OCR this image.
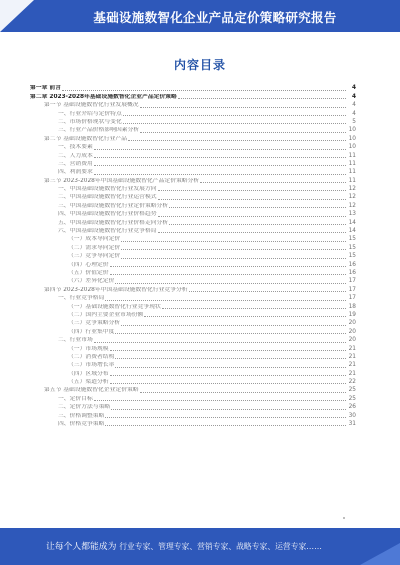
基础设施数智化企业产品定价策略研究报告
内容目录
第一章 前言	4
第二章 2023-2028年基础设施数智化企业产品定价策略	4
第一节 基础设施数智化行业发展概况	4
一、行业介绍与定价特点	4
二、市场价格现状与变化	5
三、行业产品价格影响因素分析	10
第二节 基础设施数智化行业产品	10
一、技术要素	10
二、人力成本	11
三、营销费用	11
四、利润要求	11
第三节 2023-2028年中国基础设施数智化产品定价策略分析	11
一、中国基础设施数智化行业发展方向	12
二、中国基础设施数智化行业运营模式	12
三、中国基础设施数智化行业定价策略分析	12
四、中国基础设施数智化行业价格趋势	13
五、中国基础设施数智化行业价格走向分析	14
六、中国基础设施数智化行业竞争格局	14
（一）成本导向定价	15
（二）需求导向定价	15
（三）竞争导向定价	15
（四）心理定价	16
（五）价值定价	16
（六）差异化定价	17
第四节 2023-2028年中国基础设施数智化行业竞争分析	17
一、行业竞争格局	17
（一）基础设施数智化行业竞争现状	18
（二）国内主要企业市场份额	19
（三）竞争策略分析	20
（四）行业集中度	20
二、行业市场	20
（一）市场规模	21
（二）消费者结构	21
（三）市场增长率	21
（四）区域分布	21
（五）渠道分析	22
第五节 基础设施数智化企业定价策略	25
一、定价目标	25
二、定价方法与策略	26
三、价格调整策略	30
四、价格竞争策略	31
让每个人都能成为 行业专家、管理专家、营销专家、战略专家、运营专家……
